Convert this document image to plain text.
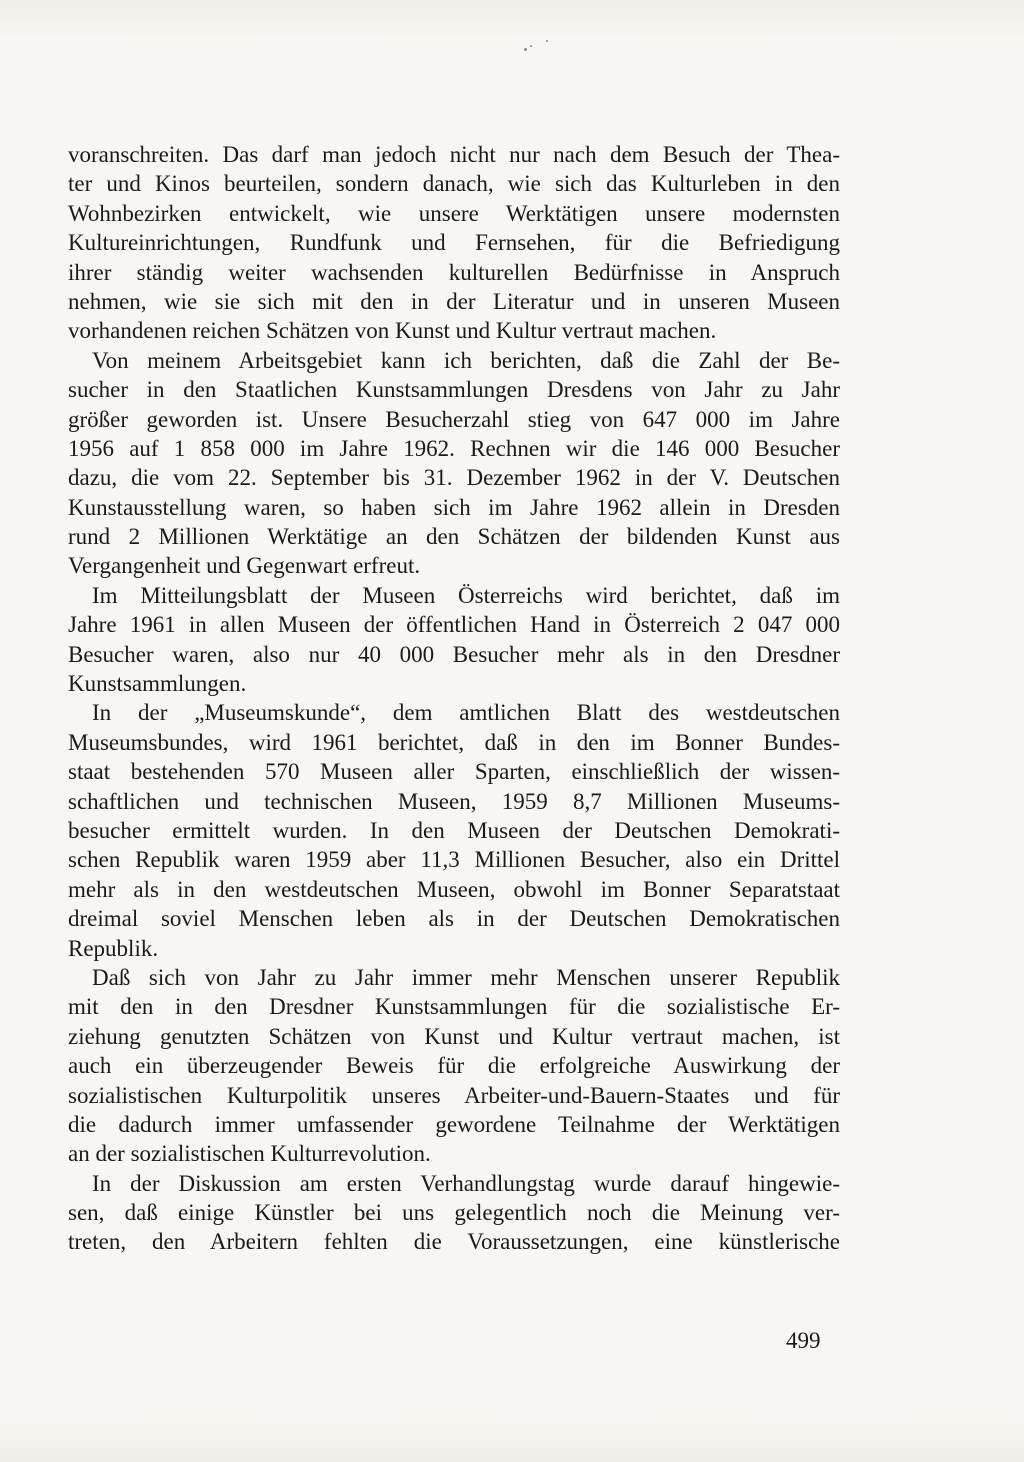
voranschreiten. Das darf man jedoch nicht nur nach dem Besuch der Thea-
ter und Kinos beurteilen, sondern danach, wie sich das Kulturleben in den
Wohnbezirken entwickelt, wie unsere Werktätigen unsere modernsten
Kultureinrichtungen, Rundfunk und Fernsehen, für die Befriedigung
ihrer ständig weiter wachsenden kulturellen Bedürfnisse in Anspruch
nehmen, wie sie sich mit den in der Literatur und in unseren Museen
vorhandenen reichen Schätzen von Kunst und Kultur vertraut machen.
Von meinem Arbeitsgebiet kann ich berichten, daß die Zahl der Be-
sucher in den Staatlichen Kunstsammlungen Dresdens von Jahr zu Jahr
größer geworden ist. Unsere Besucherzahl stieg von 647 000 im Jahre
1956 auf 1 858 000 im Jahre 1962. Rechnen wir die 146 000 Besucher
dazu, die vom 22. September bis 31. Dezember 1962 in der V. Deutschen
Kunstausstellung waren, so haben sich im Jahre 1962 allein in Dresden
rund 2 Millionen Werktätige an den Schätzen der bildenden Kunst aus
Vergangenheit und Gegenwart erfreut.
Im Mitteilungsblatt der Museen Österreichs wird berichtet, daß im
Jahre 1961 in allen Museen der öffentlichen Hand in Österreich 2 047 000
Besucher waren, also nur 40 000 Besucher mehr als in den Dresdner
Kunstsammlungen.
In der „Museumskunde“, dem amtlichen Blatt des westdeutschen
Museumsbundes, wird 1961 berichtet, daß in den im Bonner Bundes-
staat bestehenden 570 Museen aller Sparten, einschließlich der wissen-
schaftlichen und technischen Museen, 1959 8,7 Millionen Museums-
besucher ermittelt wurden. In den Museen der Deutschen Demokrati-
schen Republik waren 1959 aber 11,3 Millionen Besucher, also ein Drittel
mehr als in den westdeutschen Museen, obwohl im Bonner Separatstaat
dreimal soviel Menschen leben als in der Deutschen Demokratischen
Republik.
Daß sich von Jahr zu Jahr immer mehr Menschen unserer Republik
mit den in den Dresdner Kunstsammlungen für die sozialistische Er-
ziehung genutzten Schätzen von Kunst und Kultur vertraut machen, ist
auch ein überzeugender Beweis für die erfolgreiche Auswirkung der
sozialistischen Kulturpolitik unseres Arbeiter-und-Bauern-Staates und für
die dadurch immer umfassender gewordene Teilnahme der Werktätigen
an der sozialistischen Kulturrevolution.
In der Diskussion am ersten Verhandlungstag wurde darauf hingewie-
sen, daß einige Künstler bei uns gelegentlich noch die Meinung ver-
treten, den Arbeitern fehlten die Voraussetzungen, eine künstlerische
499
